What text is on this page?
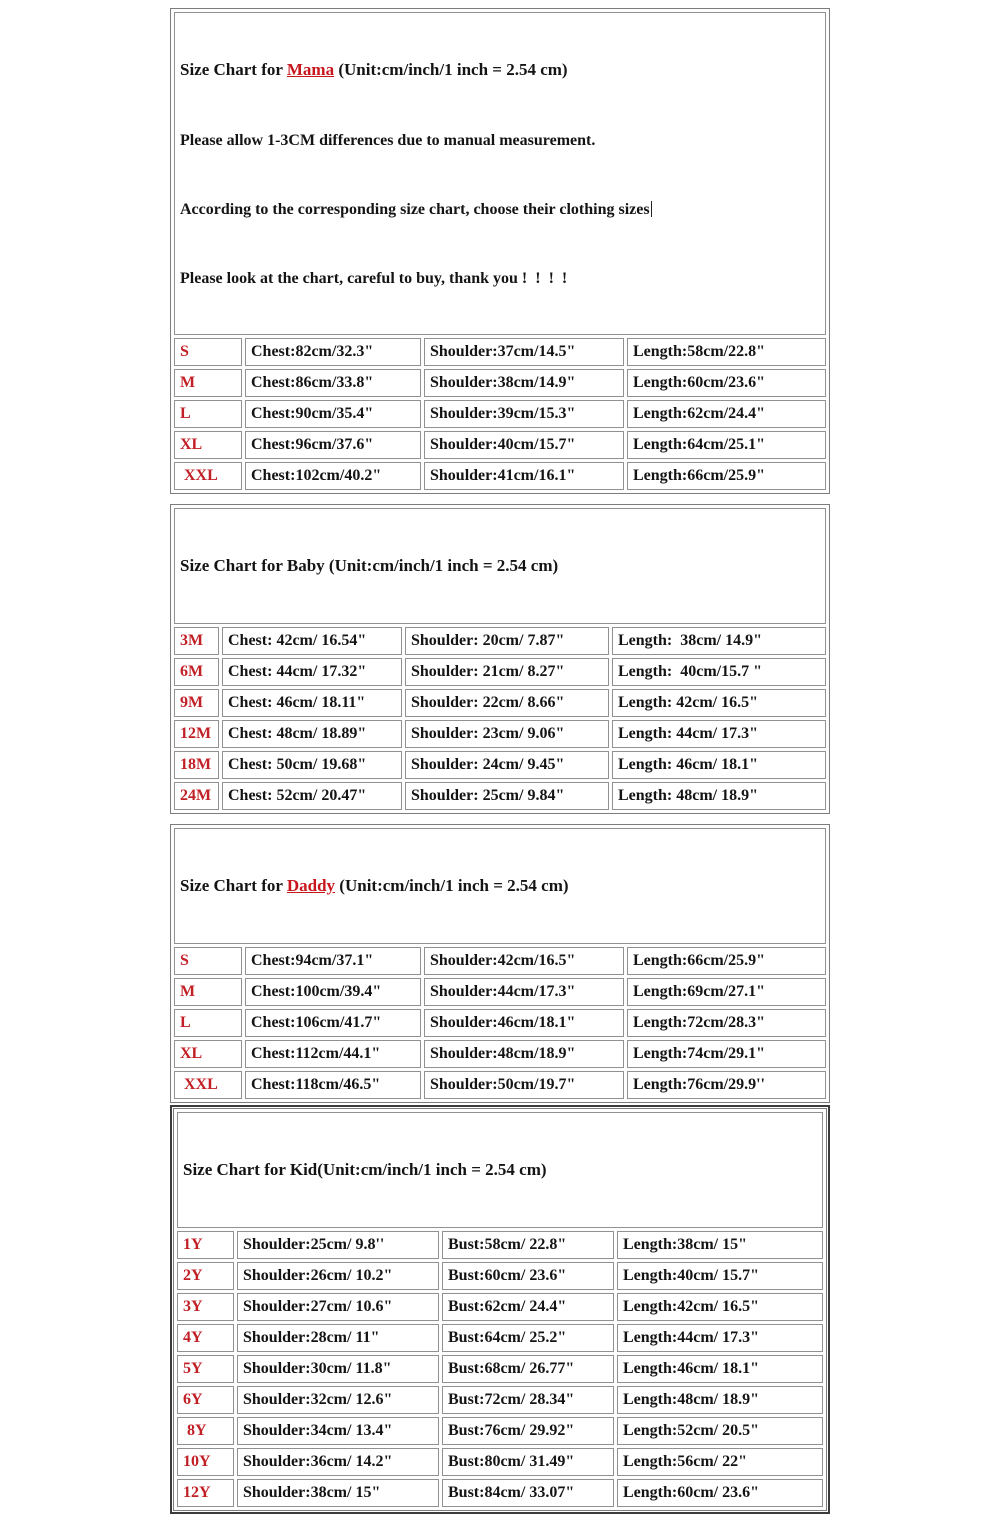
Size Chart for Mama (Unit:cm/inch/1 inch = 2.54 cm)

Please allow 1-3CM differences due to manual measurement.

According to the corresponding size chart, choose their clothing sizes

Please look at the chart, careful to buy, thank you !  !  !  !			

S	Chest:82cm/32.3"	Shoulder:37cm/14.5"	Length:58cm/22.8"
M	Chest:86cm/33.8"	Shoulder:38cm/14.9"	Length:60cm/23.6"
L	Chest:90cm/35.4"	Shoulder:39cm/15.3"	Length:62cm/24.4"
XL	Chest:96cm/37.6"	Shoulder:40cm/15.7"	Length:64cm/25.1"
XXL	Chest:102cm/40.2"	Shoulder:41cm/16.1"	Length:66cm/25.9"

Size Chart for Baby (Unit:cm/inch/1 inch = 2.54 cm)			

3M	Chest: 42cm/ 16.54"	Shoulder: 20cm/ 7.87"	Length:  38cm/ 14.9"
6M	Chest: 44cm/ 17.32"	Shoulder: 21cm/ 8.27"	Length:  40cm/15.7 "
9M	Chest: 46cm/ 18.11"	Shoulder: 22cm/ 8.66"	Length: 42cm/ 16.5"
12M	Chest: 48cm/ 18.89"	Shoulder: 23cm/ 9.06"	Length: 44cm/ 17.3"
18M	Chest: 50cm/ 19.68"	Shoulder: 24cm/ 9.45"	Length: 46cm/ 18.1"
24M	Chest: 52cm/ 20.47"	Shoulder: 25cm/ 9.84"	Length: 48cm/ 18.9"

Size Chart for Daddy (Unit:cm/inch/1 inch = 2.54 cm)			

S	Chest:94cm/37.1"	Shoulder:42cm/16.5"	Length:66cm/25.9"
M	Chest:100cm/39.4"	Shoulder:44cm/17.3"	Length:69cm/27.1"
L	Chest:106cm/41.7"	Shoulder:46cm/18.1"	Length:72cm/28.3"
XL	Chest:112cm/44.1"	Shoulder:48cm/18.9"	Length:74cm/29.1"
XXL	Chest:118cm/46.5"	Shoulder:50cm/19.7"	Length:76cm/29.9''

Size Chart for Kid(Unit:cm/inch/1 inch = 2.54 cm)			

1Y	Shoulder:25cm/ 9.8''	Bust:58cm/ 22.8"	Length:38cm/ 15"
2Y	Shoulder:26cm/ 10.2"	Bust:60cm/ 23.6"	Length:40cm/ 15.7"
3Y	Shoulder:27cm/ 10.6"	Bust:62cm/ 24.4"	Length:42cm/ 16.5"
4Y	Shoulder:28cm/ 11"	Bust:64cm/ 25.2"	Length:44cm/ 17.3"
5Y	Shoulder:30cm/ 11.8"	Bust:68cm/ 26.77"	Length:46cm/ 18.1"
6Y	Shoulder:32cm/ 12.6"	Bust:72cm/ 28.34"	Length:48cm/ 18.9"
8Y	Shoulder:34cm/ 13.4"	Bust:76cm/ 29.92"	Length:52cm/ 20.5"
10Y	Shoulder:36cm/ 14.2"	Bust:80cm/ 31.49"	Length:56cm/ 22"
12Y	Shoulder:38cm/ 15"	Bust:84cm/ 33.07"	Length:60cm/ 23.6"
